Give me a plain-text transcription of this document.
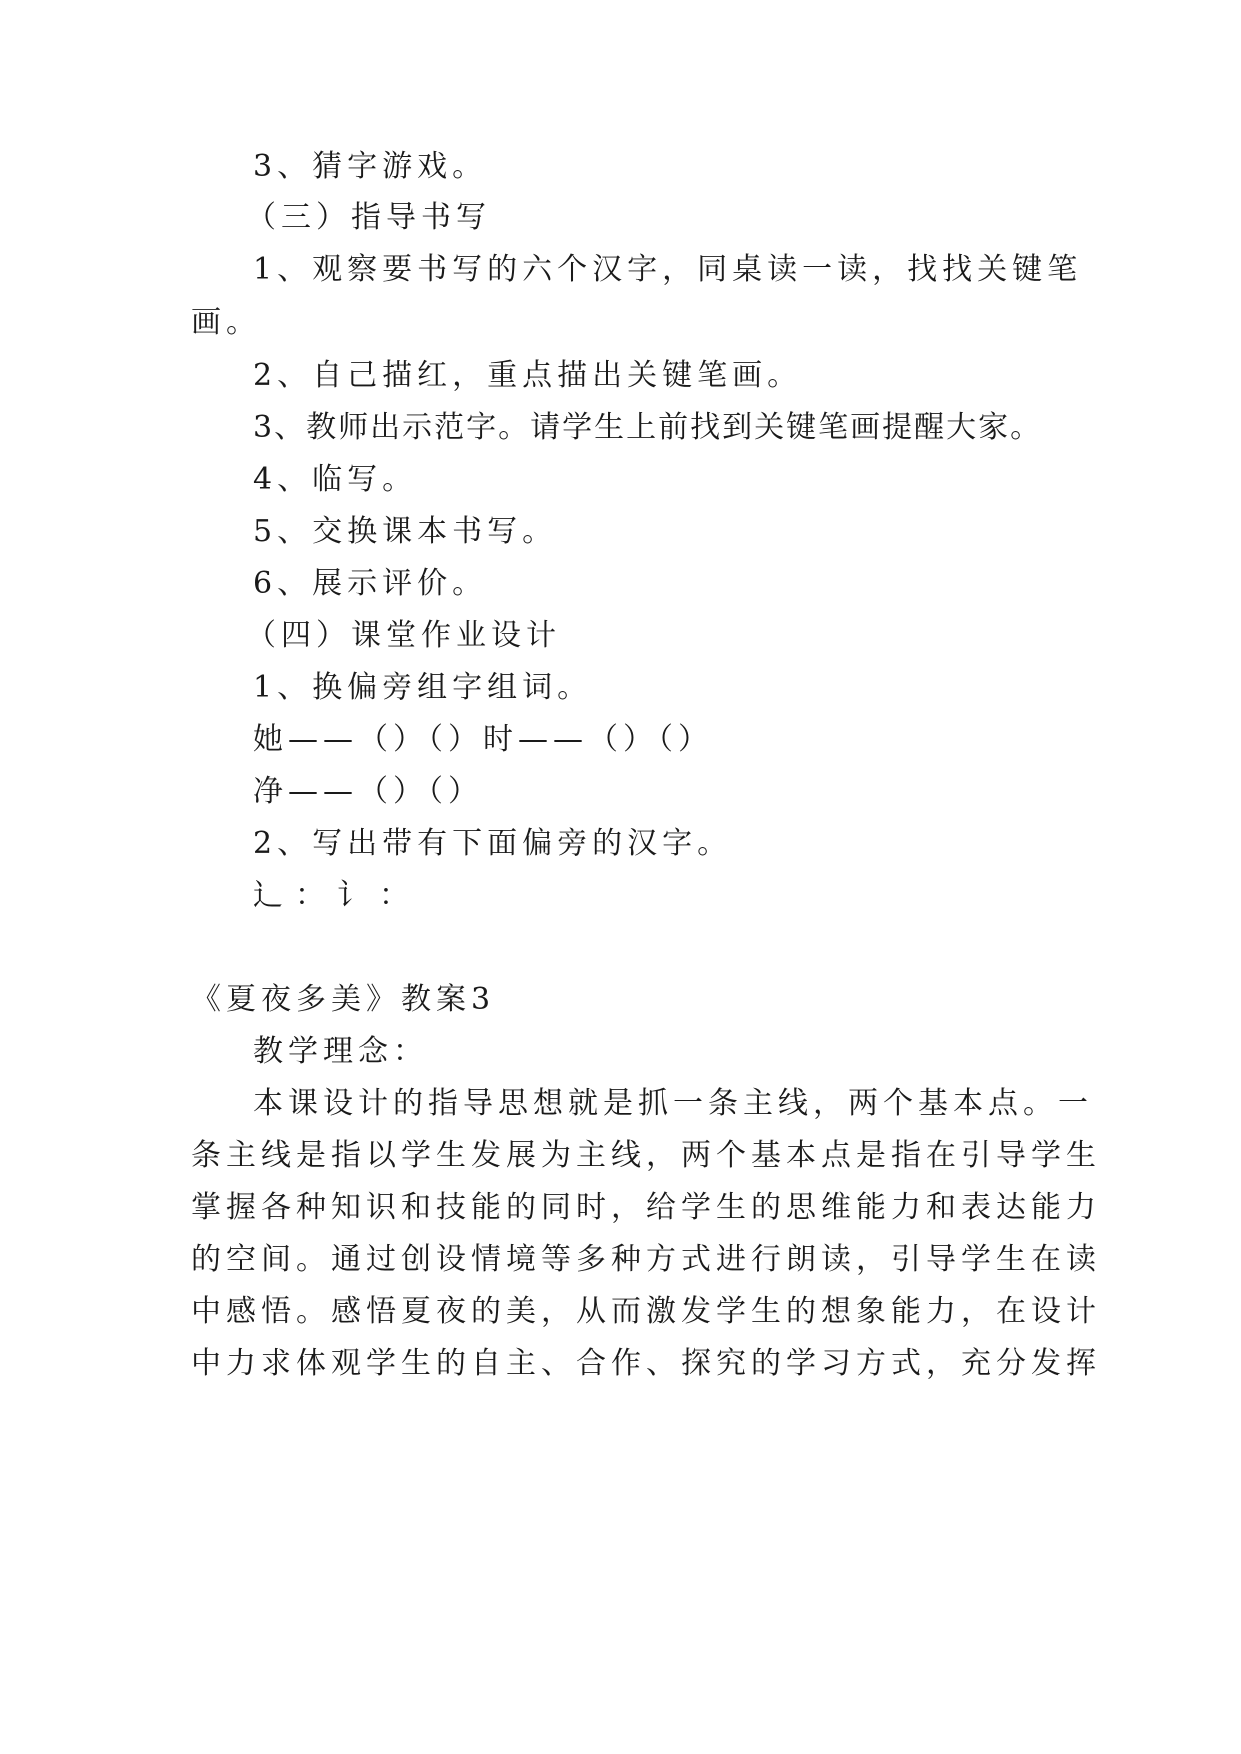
3、猜字游戏。
（三）指导书写
1、观察要书写的六个汉字，同桌读一读，找找关键笔
画。
2、自己描红，重点描出关键笔画。
3、教师出示范字。请学生上前找到关键笔画提醒大家。
4、临写。
5、交换课本书写。
6、展示评价。
（四）课堂作业设计
1、换偏旁组字组词。
她——（）（）时——（）（）
净——（）（）
2、写出带有下面偏旁的汉字。
辶：讠：
《夏夜多美》教案3
教学理念：
本课设计的指导思想就是抓一条主线，两个基本点。一
条主线是指以学生发展为主线，两个基本点是指在引导学生
掌握各种知识和技能的同时，给学生的思维能力和表达能力
的空间。通过创设情境等多种方式进行朗读，引导学生在读
中感悟。感悟夏夜的美，从而激发学生的想象能力，在设计
中力求体观学生的自主、合作、探究的学习方式，充分发挥
